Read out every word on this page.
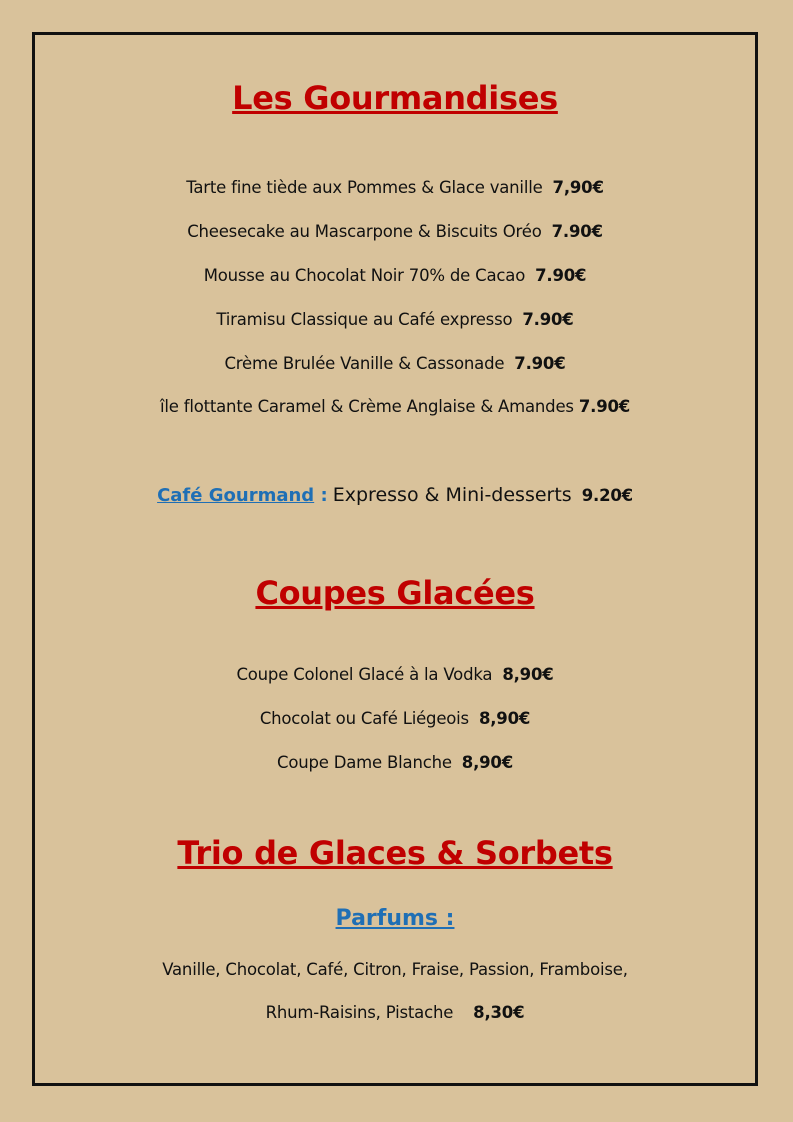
Les Gourmandises
Tarte fine tiède aux Pommes & Glace vanille 7,90€
Cheesecake au Mascarpone & Biscuits Oréo 7.90€
Mousse au Chocolat Noir 70% de Cacao 7.90€
Tiramisu Classique au Café expresso 7.90€
Crème Brulée Vanille & Cassonade 7.90€
île flottante Caramel & Crème Anglaise & Amandes 7.90€
Café Gourmand : Expresso & Mini-desserts 9.20€
Coupes Glacées
Coupe Colonel Glacé à la Vodka 8,90€
Chocolat ou Café Liégeois 8,90€
Coupe Dame Blanche 8,90€
Trio de Glaces & Sorbets
Parfums :
Vanille, Chocolat, Café, Citron, Fraise, Passion, Framboise,
Rhum-Raisins, Pistache 8,30€
